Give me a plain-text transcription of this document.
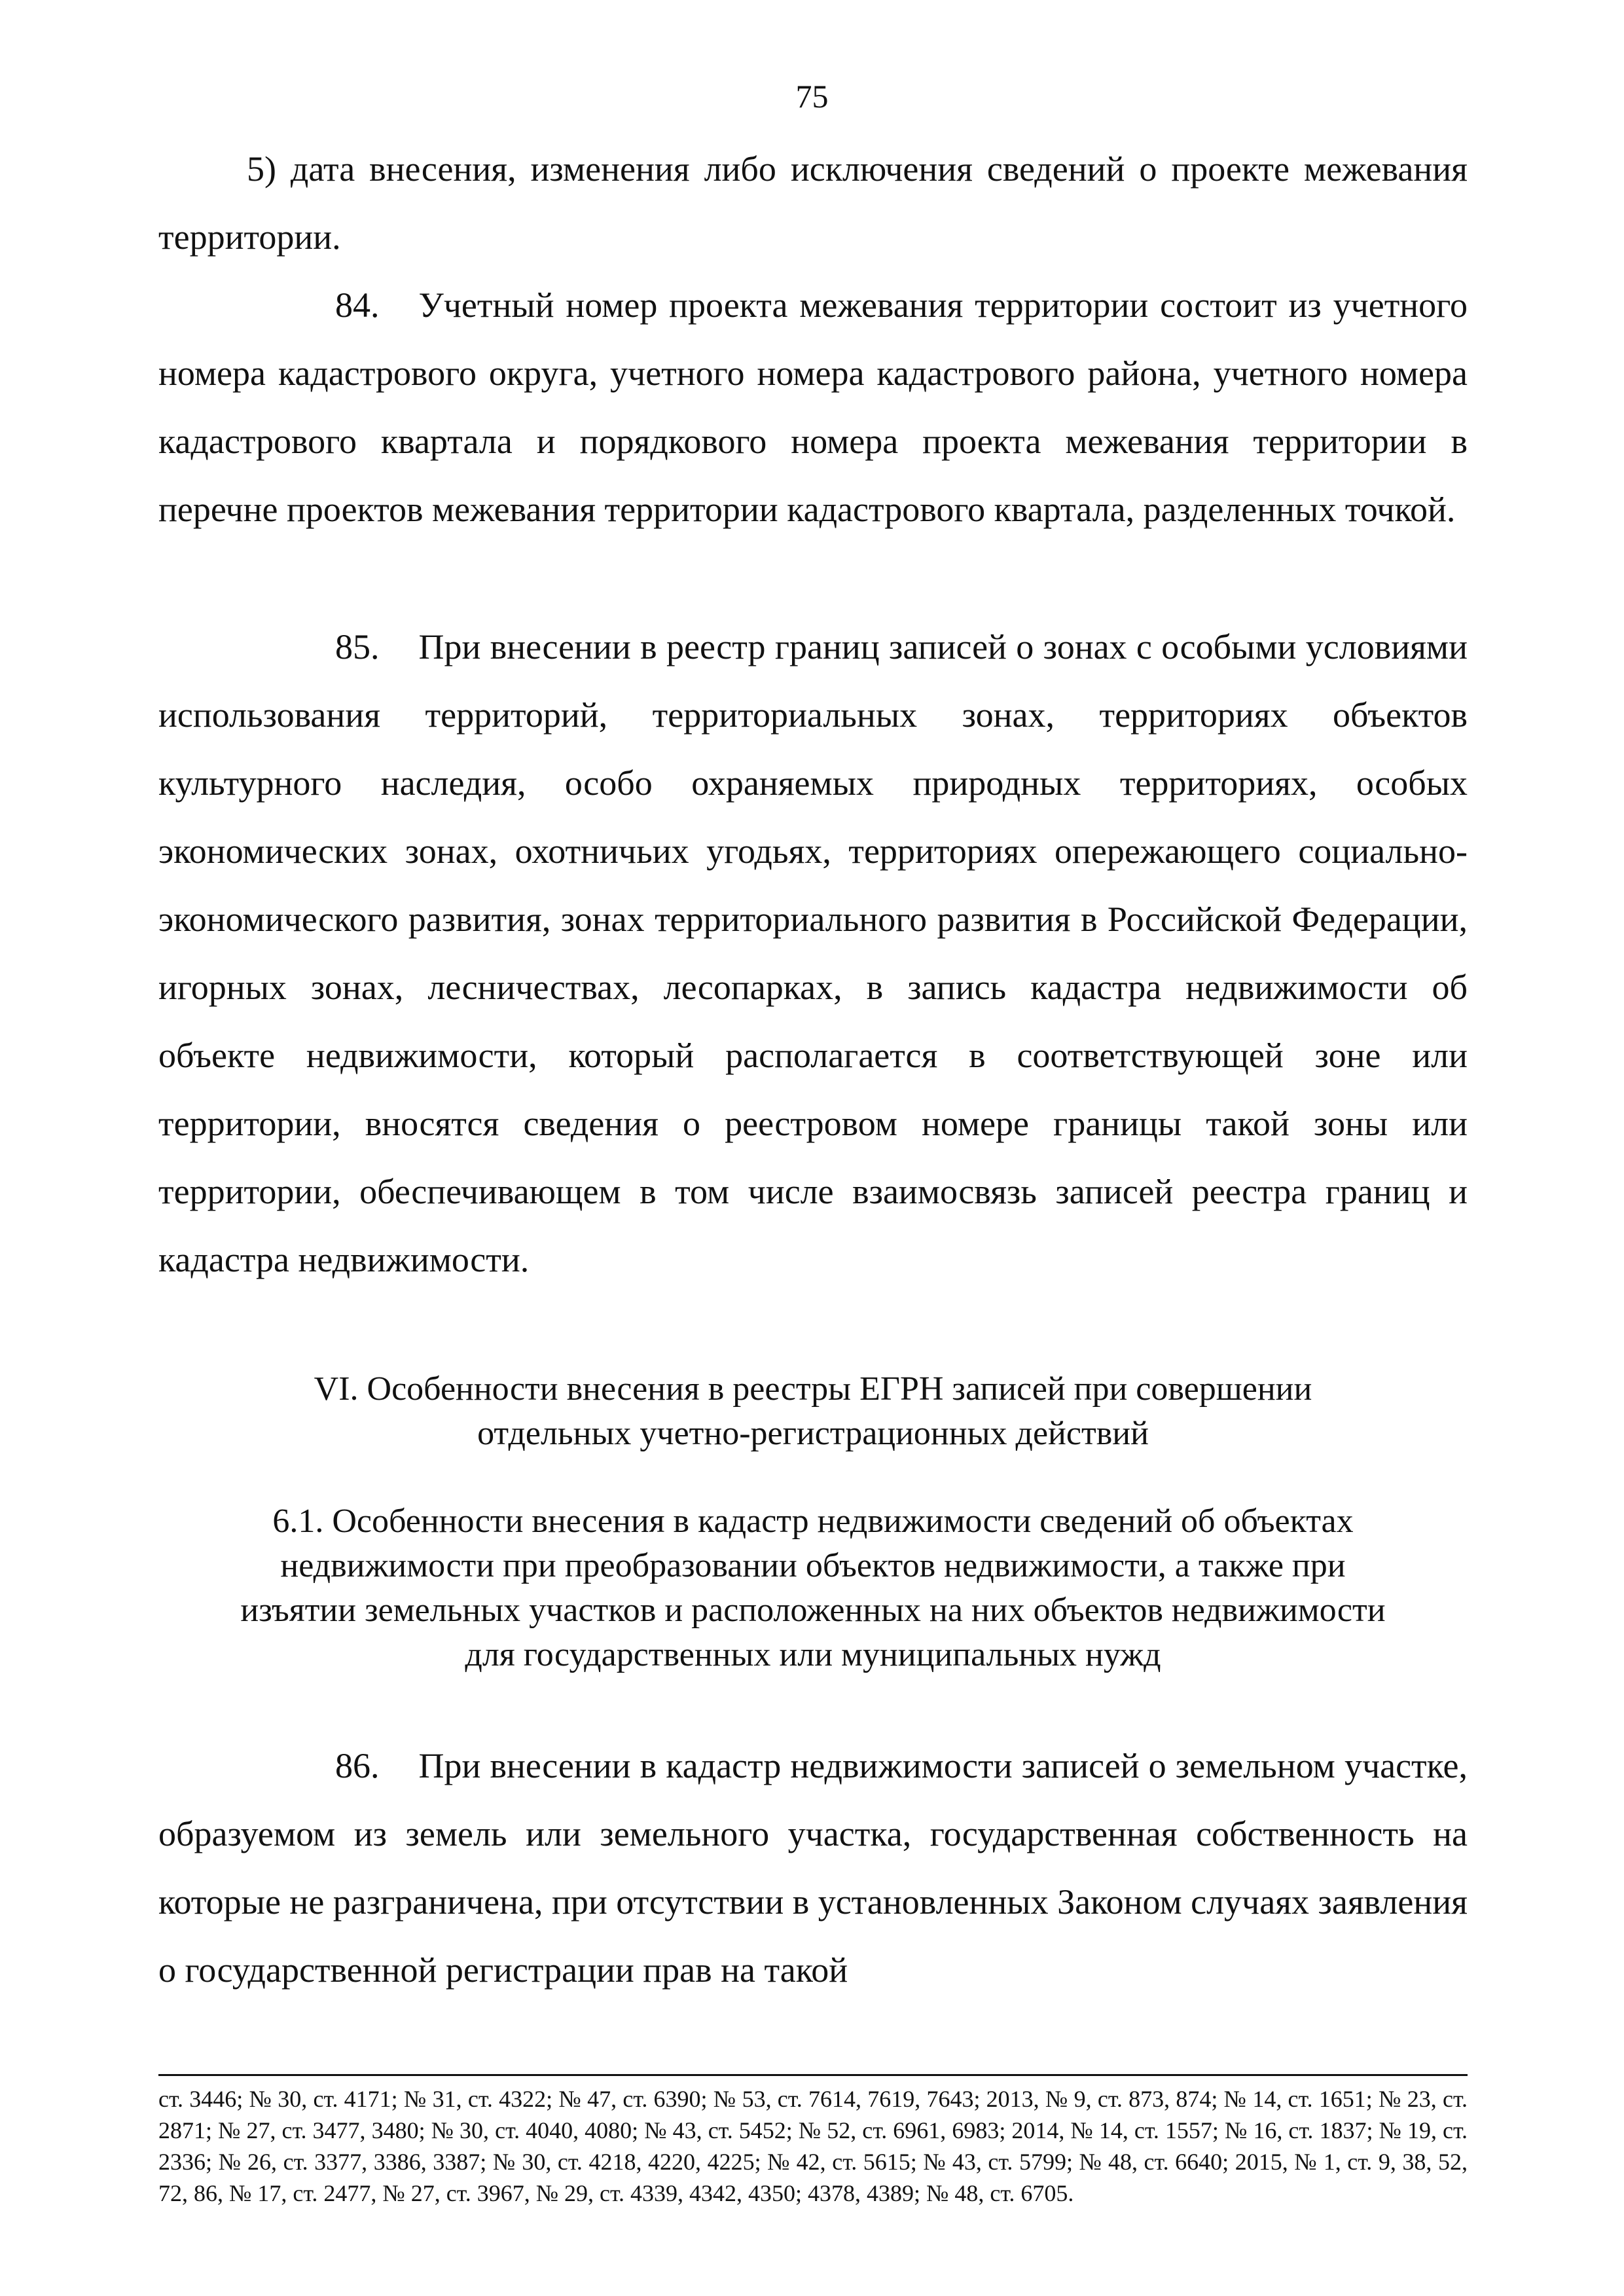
75

5) дата внесения, изменения либо исключения сведений о проекте межевания территории.

84. Учетный номер проекта межевания территории состоит из учетного номера кадастрового округа, учетного номера кадастрового района, учетного номера кадастрового квартала и порядкового номера проекта межевания территории в перечне проектов межевания территории кадастрового квартала, разделенных точкой.

85. При внесении в реестр границ записей о зонах с особыми условиями использования территорий, территориальных зонах, территориях объектов культурного наследия, особо охраняемых природных территориях, особых экономических зонах, охотничьих угодьях, территориях опережающего социально-экономического развития, зонах территориального развития в Российской Федерации, игорных зонах, лесничествах, лесопарках, в запись кадастра недвижимости об объекте недвижимости, который располагается в соответствующей зоне или территории, вносятся сведения о реестровом номере границы такой зоны или территории, обеспечивающем в том числе взаимосвязь записей реестра границ и кадастра недвижимости.

VI. Особенности внесения в реестры ЕГРН записей при совершении
отдельных учетно-регистрационных действий
6.1. Особенности внесения в кадастр недвижимости сведений об объектах
недвижимости при преобразовании объектов недвижимости, а также при
изъятии земельных участков и расположенных на них объектов недвижимости
для государственных или муниципальных нужд

86. При внесении в кадастр недвижимости записей о земельном участке, образуемом из земель или земельного участка, государственная собственность на которые не разграничена, при отсутствии в установленных Законом случаях заявления о государственной регистрации прав на такой

ст. 3446; № 30, ст. 4171; № 31, ст. 4322; № 47, ст. 6390; № 53, ст. 7614, 7619, 7643; 2013, № 9, ст. 873, 874; № 14, ст. 1651; № 23, ст. 2871; № 27, ст. 3477, 3480; № 30, ст. 4040, 4080; № 43, ст. 5452; № 52, ст. 6961, 6983; 2014, № 14, ст. 1557; № 16, ст. 1837; № 19, ст. 2336; № 26, ст. 3377, 3386, 3387; № 30, ст. 4218, 4220, 4225; № 42, ст. 5615; № 43, ст. 5799; № 48, ст. 6640; 2015, № 1, ст. 9, 38, 52, 72, 86, № 17, ст. 2477, № 27, ст. 3967, № 29, ст. 4339, 4342, 4350; 4378, 4389; № 48, ст. 6705.
